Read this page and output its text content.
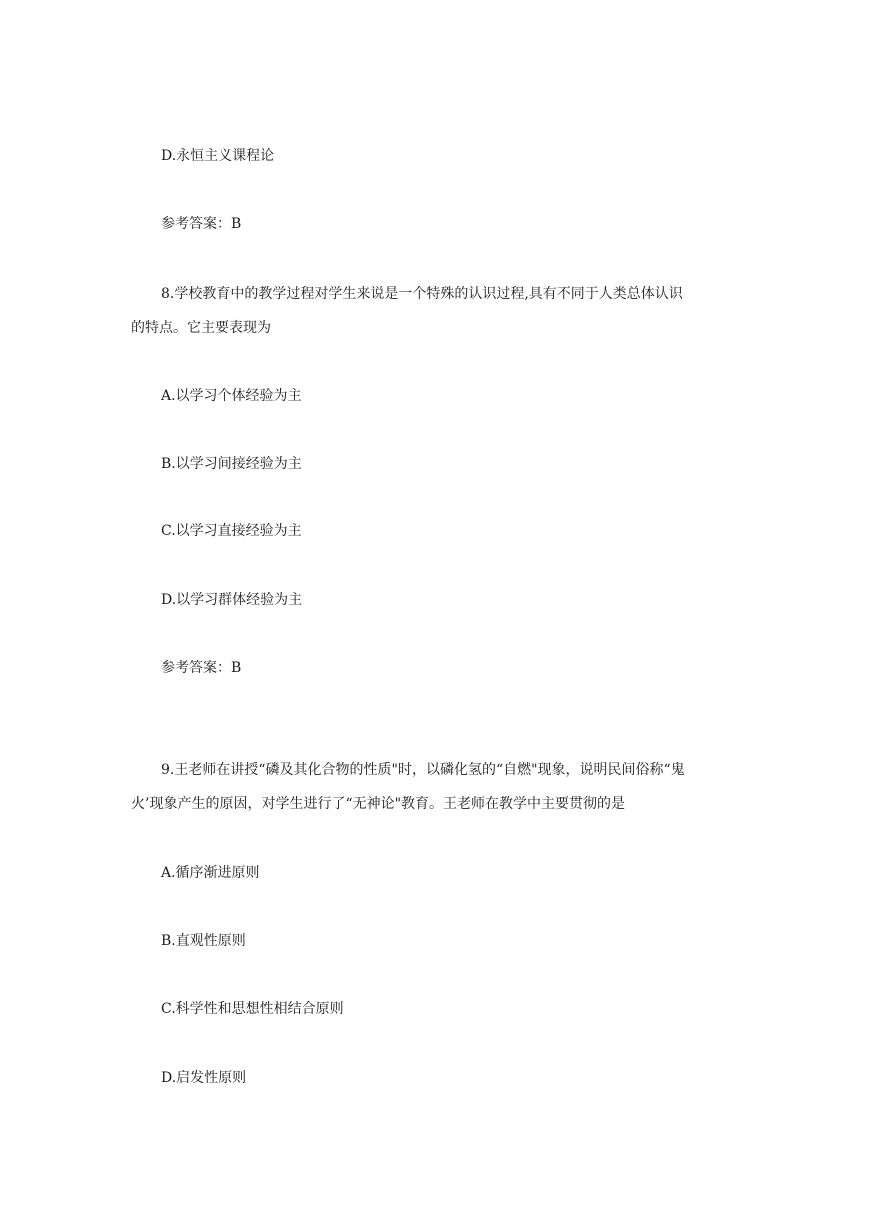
D.永恒主义课程论
参考答案：B
8.学校教育中的教学过程对学生来说是一个特殊的认识过程,具有不同于人类总体认识
的特点。它主要表现为
A.以学习个体经验为主
B.以学习间接经验为主
C.以学习直接经验为主
D.以学习群体经验为主
参考答案：B
9.王老师在讲授“磷及其化合物的性质"时，以磷化氢的“自燃"现象，说明民间俗称“鬼
火’现象产生的原因，对学生进行了“无神论"教育。王老师在教学中主要贯彻的是
A.循序渐进原则
B.直观性原则
C.科学性和思想性相结合原则
D.启发性原则
